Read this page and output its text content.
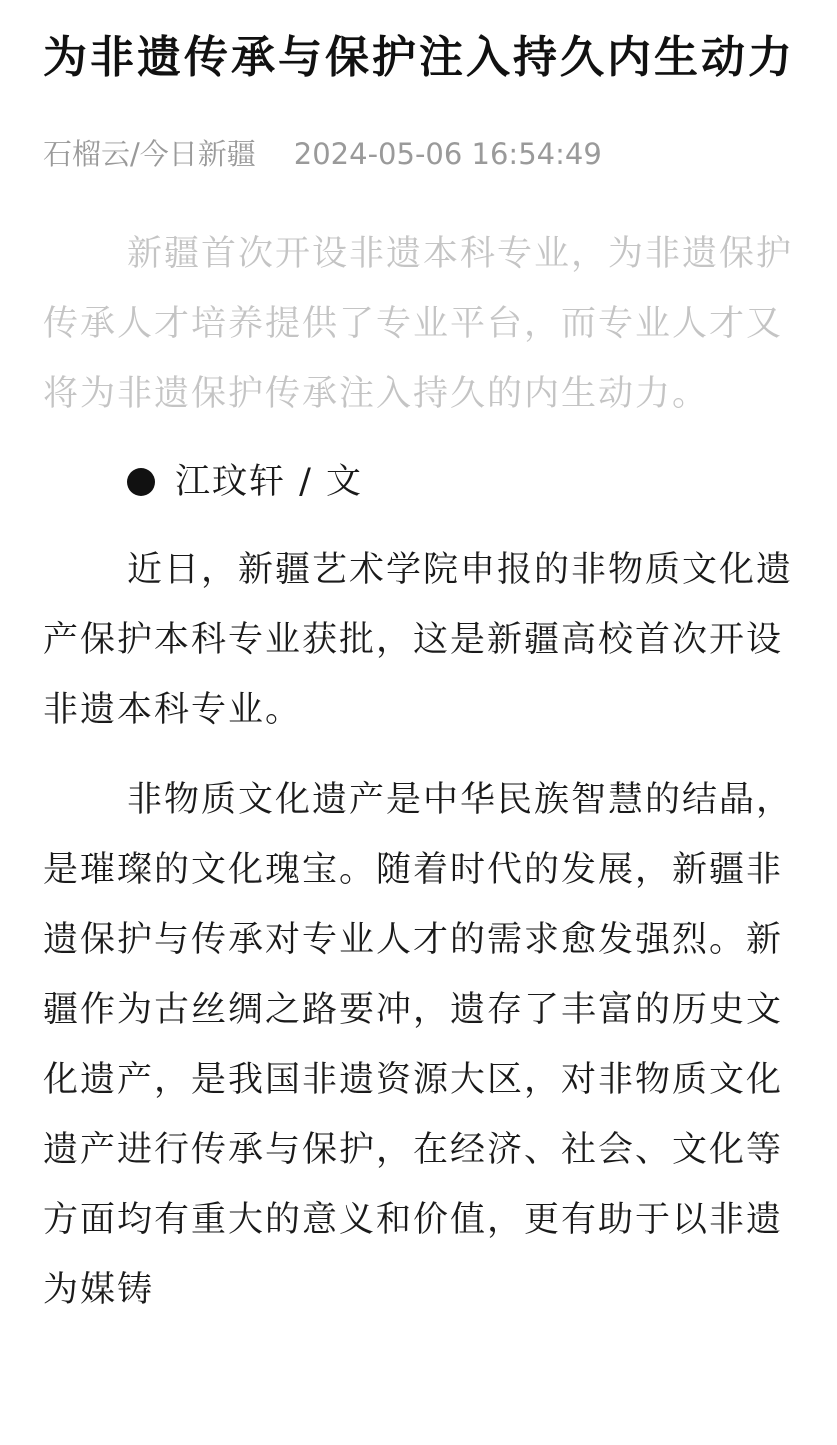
为非遗传承与保护注入持久内生动力
石榴云/今日新疆 2024-05-06 16:54:49

新疆首次开设非遗本科专业，为非遗保护传承人才培养提供了专业平台，而专业人才又将为非遗保护传承注入持久的内生动力。

江玟轩 / 文

近日，新疆艺术学院申报的非物质文化遗产保护本科专业获批，这是新疆高校首次开设非遗本科专业。

非物质文化遗产是中华民族智慧的结晶，是璀璨的文化瑰宝。随着时代的发展，新疆非遗保护与传承对专业人才的需求愈发强烈。新疆作为古丝绸之路要冲，遗存了丰富的历史文化遗产，是我国非遗资源大区，对非物质文化遗产进行传承与保护，在经济、社会、文化等方面均有重大的意义和价值，更有助于以非遗为媒铸
